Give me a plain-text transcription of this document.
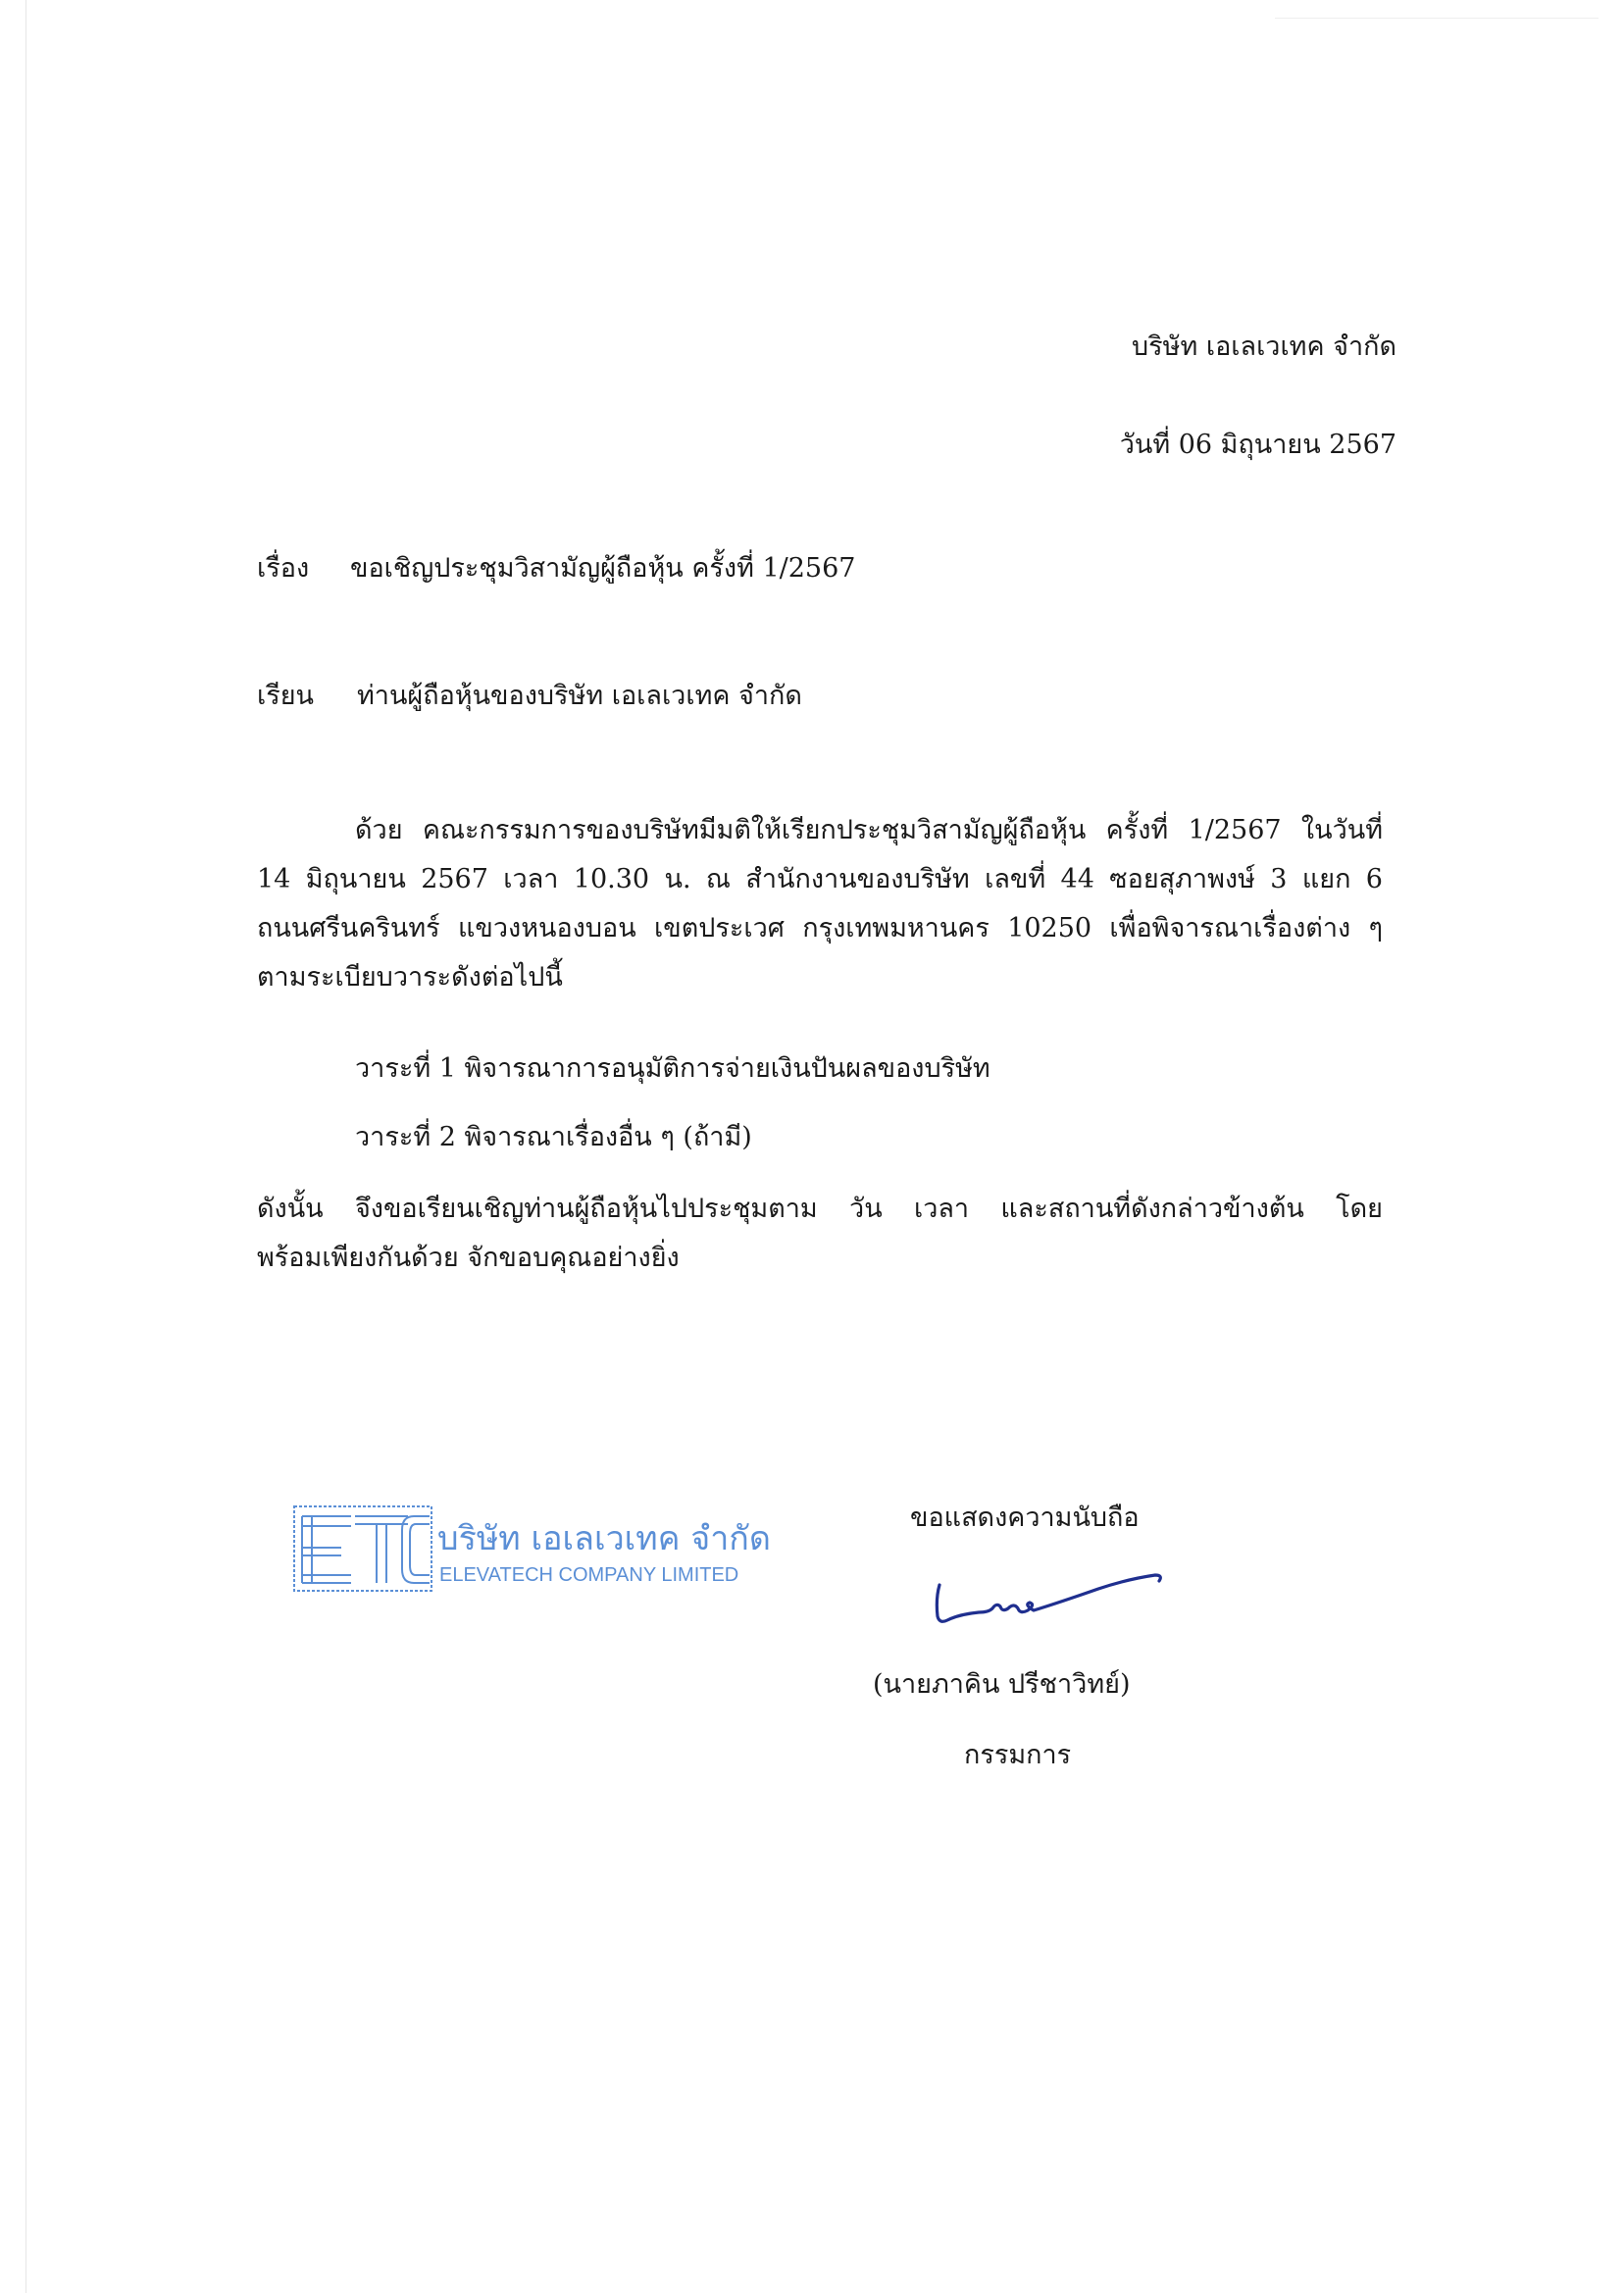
บริษัท เอเลเวเทค จำกัด
วันที่ 06 มิถุนายน 2567
เรื่อง ขอเชิญประชุมวิสามัญผู้ถือหุ้น ครั้งที่ 1/2567
เรียน ท่านผู้ถือหุ้นของบริษัท เอเลเวเทค จำกัด
ด้วย คณะกรรมการของบริษัทมีมติให้เรียกประชุมวิสามัญผู้ถือหุ้น ครั้งที่ 1/2567 ในวันที่
14 มิถุนายน 2567 เวลา 10.30 น. ณ สำนักงานของบริษัท เลขที่ 44 ซอยสุภาพงษ์ 3 แยก 6
ถนนศรีนครินทร์ แขวงหนองบอน เขตประเวศ กรุงเทพมหานคร 10250 เพื่อพิจารณาเรื่องต่าง ๆ
ตามระเบียบวาระดังต่อไปนี้
วาระที่ 1 พิจารณาการอนุมัติการจ่ายเงินปันผลของบริษัท
วาระที่ 2 พิจารณาเรื่องอื่น ๆ (ถ้ามี)
ดังนั้น จึงขอเรียนเชิญท่านผู้ถือหุ้นไปประชุมตาม วัน เวลา และสถานที่ดังกล่าวข้างต้น โดย
พร้อมเพียงกันด้วย จักขอบคุณอย่างยิ่ง
บริษัท เอเลเวเทค จำกัด
ELEVATECH COMPANY LIMITED
ขอแสดงความนับถือ
(นายภาคิน ปรีชาวิทย์)
กรรมการ
